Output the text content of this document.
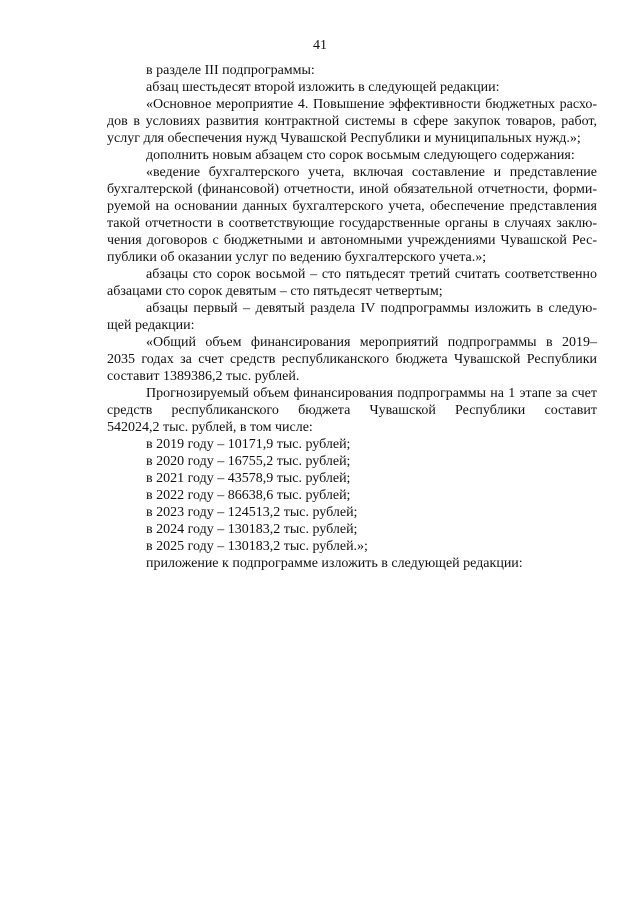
41

в разделе III подпрограммы:

абзац шестьдесят второй изложить в следующей редакции:

«Основное мероприятие 4. Повышение эффективности бюджетных расхо-

дов в условиях развития контрактной системы в сфере закупок товаров, работ,

услуг для обеспечения нужд Чувашской Республики и муниципальных нужд.»;

дополнить новым абзацем сто сорок восьмым следующего содержания:

«ведение бухгалтерского учета, включая составление и представление

бухгалтерской (финансовой) отчетности, иной обязательной отчетности, форми-

руемой на основании данных бухгалтерского учета, обеспечение представления

такой отчетности в соответствующие государственные органы в случаях заклю-

чения договоров с бюджетными и автономными учреждениями Чувашской Рес-

публики об оказании услуг по ведению бухгалтерского учета.»;

абзацы сто сорок восьмой – сто пятьдесят третий считать соответственно

абзацами сто сорок девятым – сто пятьдесят четвертым;

абзацы первый – девятый раздела IV подпрограммы изложить в следую-

щей редакции:

«Общий объем финансирования мероприятий подпрограммы в 2019–

2035 годах за счет средств республиканского бюджета Чувашской Республики

составит 1389386,2 тыс. рублей.

Прогнозируемый объем финансирования подпрограммы на 1 этапе за счет

средств республиканского бюджета Чувашской Республики составит

542024,2 тыс. рублей, в том числе:

в 2019 году – 10171,9 тыс. рублей;

в 2020 году – 16755,2 тыс. рублей;

в 2021 году – 43578,9 тыс. рублей;

в 2022 году – 86638,6 тыс. рублей;

в 2023 году – 124513,2 тыс. рублей;

в 2024 году – 130183,2 тыс. рублей;

в 2025 году – 130183,2 тыс. рублей.»;

приложение к подпрограмме изложить в следующей редакции:
